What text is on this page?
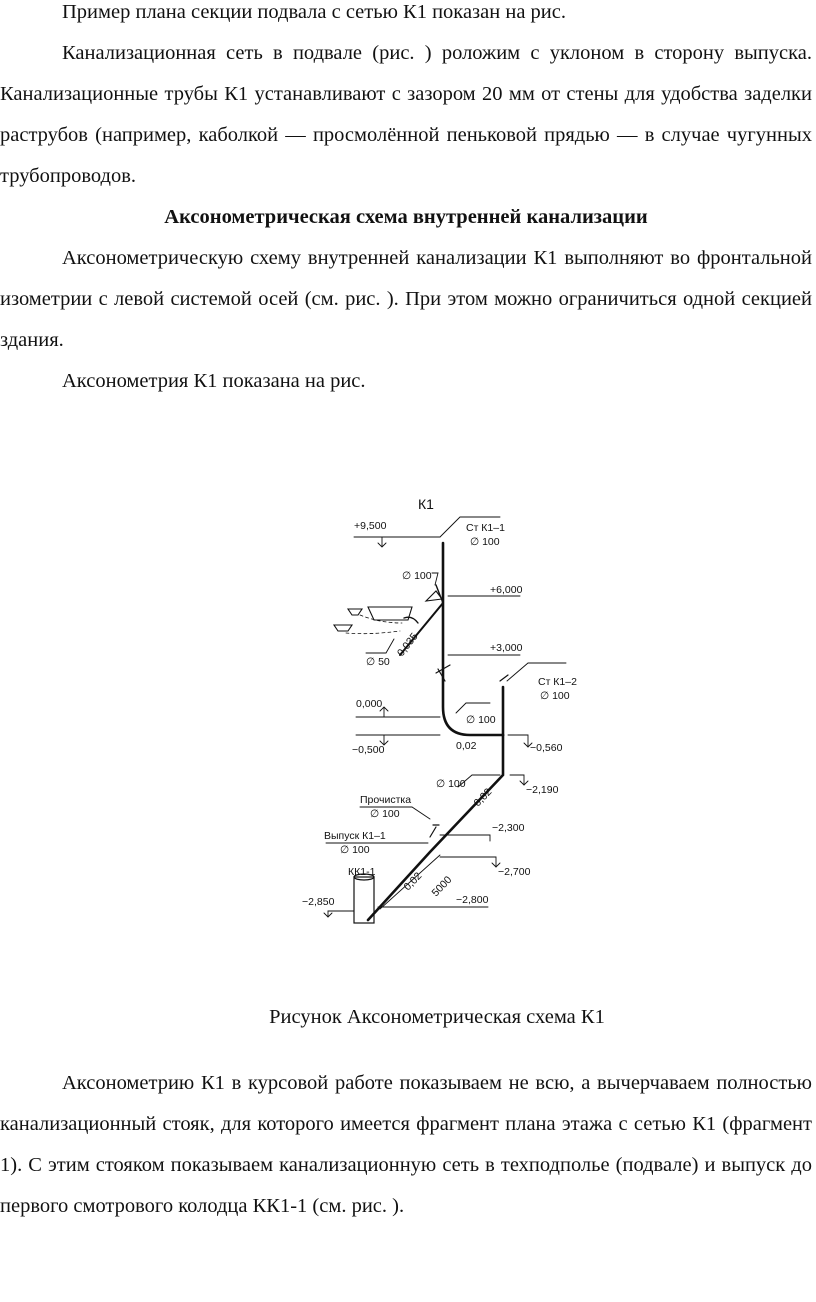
Пример плана секции подвала с сетью К1 показан на рис.

Канализационная сеть в подвале (рис. ) роложим с уклоном в сторону выпуска. Канализационные трубы К1 устанавливают с зазором 20 мм от стены для удобства заделки раструбов (например, каболкой — просмолённой пеньковой прядью — в случае чугунных трубопроводов.

Аксонометрическая схема внутренней канализации

Аксонометрическую схему внутренней канализации К1 выполняют во фронтальной изометрии с левой системой осей (см. рис. ). При этом можно ограничиться одной секцией здания.

Аксонометрия К1 показана на рис.

К1
+9,500	Ст К1–1
∅ 100
∅ 100
+6,000
∅ 50
0,035	+3,000
Ст К1–2
∅ 100
0,000
∅ 100
−0,500	0,02	−0,560
∅ 100	−2,190
0,02
Прочистка
∅ 100
−2,300
Выпуск К1–1
∅ 100
−2,700
КК1-1 0,02 5000
−2,800
−2,850

Рисунок Аксонометрическая схема К1

Аксонометрию К1 в курсовой работе показываем не всю, а вычерчаваем полностью канализационный стояк, для которого имеется фрагмент плана этажа с сетью К1 (фрагмент 1). С этим стояком показываем канализационную сеть в техподполье (подвале) и выпуск до первого смотрового колодца КК1-1 (см. рис. ).
